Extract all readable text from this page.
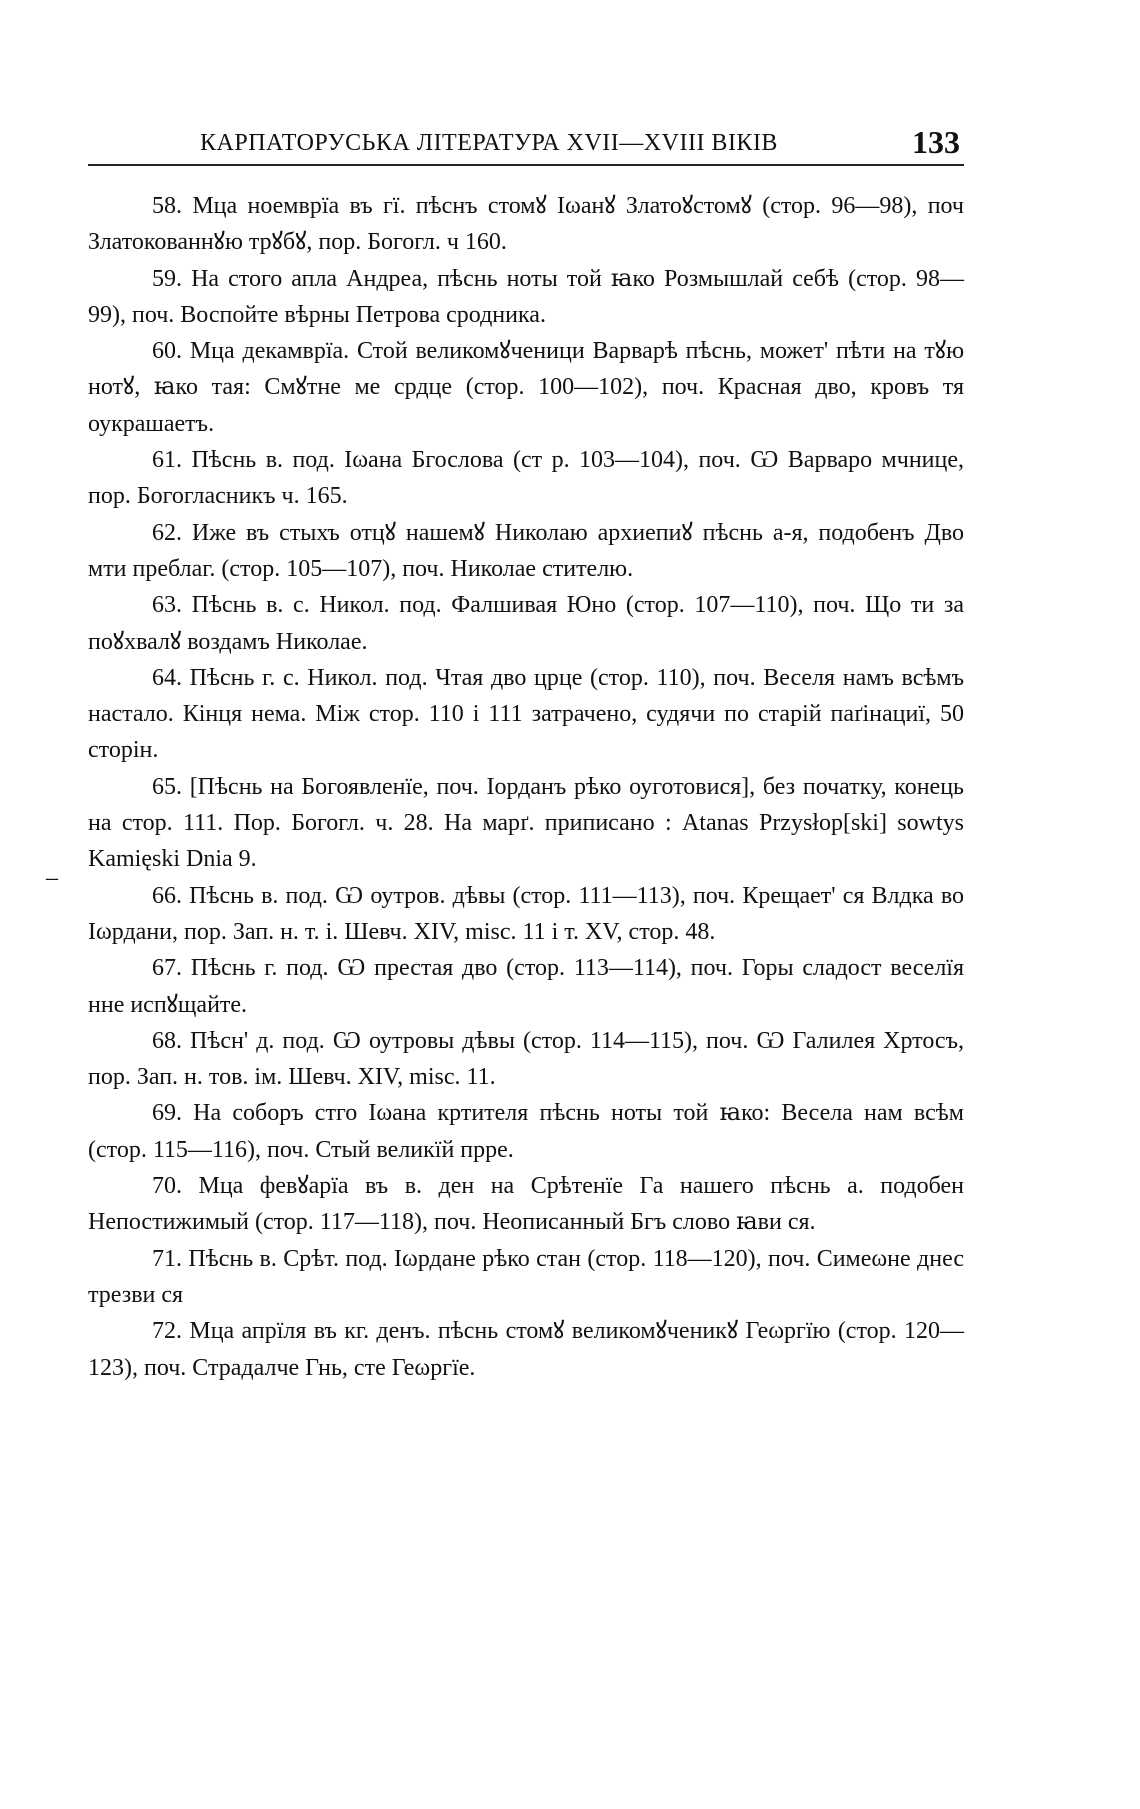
КАРПАТОРУСЬКА ЛІТЕРАТУРА XVII—XVIII ВІКІВ	133

58. Мца ноемврїа въ гї. пѣснъ стомꙋ Іωанꙋ Златоꙋстомꙋ (стор. 96—98), поч Златокованнꙋю трꙋбꙋ, пор. Богогл. ч 160.

59. На стого апла Андреа, пѣснь ноты той ꙗко Розмышлай себѣ (стор. 98—99), поч. Воспойте вѣрны Петрова сродника.

60. Мца декамврїа. Стой великомꙋченици Варварѣ пѣснь, может' пѣти на тꙋю нотꙋ, ꙗко тая: Смꙋтне ме срдце (стор. 100—102), поч. Красная дво, кровъ тя оукрашаетъ.

61. Пѣснь в. под. Іωана Бгослова (ст р. 103—104), поч. Ѡ Варваро мчнице, пор. Богогласникъ ч. 165.

62. Иже въ стыхъ отцꙋ нашемꙋ Николаю архиепиꙋ пѣснь а-я, подобенъ Дво мти преблаг. (стор. 105—107), поч. Николае стителю.

63. Пѣснь в. с. Никол. под. Фалшивая Юно (стор. 107—110), поч. Що ти за поꙋхвалꙋ воздамъ Николае.

64. Пѣснь г. с. Никол. под. Чтая дво црце (стор. 110), поч. Веселя намъ всѣмъ настало. Кінця нема. Між стор. 110 і 111 затрачено, судячи по старій паґінациї, 50 сторін.

65. [Пѣснь на Богоявленїе, поч. Іорданъ рѣко оуготовися], без початку, конець на стор. 111. Пор. Богогл. ч. 28. На марґ. приписано : Atanas Przysłop[ski] sowtys Kamięski Dnia 9.

66. Пѣснь в. под. Ѡ оутров. дѣвы (стор. 111—113), поч. Крещает' ся Влдка во Іωрдани, пор. Зап. н. т. і. Шевч. XIV, misc. 11 і т. XV, стор. 48.

67. Пѣснь г. под. Ѡ престая дво (стор. 113—114), поч. Горы сладост веселїя нне испꙋщайте.

68. Пѣсн' д. под. Ѡ оутровы дѣвы (стор. 114—115), поч. Ѡ Галилея Хртосъ, пор. Зап. н. тов. ім. Шевч. XIV, misc. 11.

69. На соборъ стго Іωана кртителя пѣснь ноты той ꙗко: Весела нам всѣм (стор. 115—116), поч. Стый великїй прре.

70. Мца февꙋарїа въ в. ден на Срѣтенїе Га нашего пѣснь а. подобен Непостижимый (стор. 117—118), поч. Неописанный Бгъ слово ꙗви ся.

71. Пѣснь в. Срѣт. под. Іωрдане рѣко стан (стор. 118—120), поч. Симеωне днес трезви ся

72. Мца апрїля въ кг. денъ. пѣснь стомꙋ великомꙋченикꙋ Геωргїю (стор. 120—123), поч. Страдалче Гнь, сте Геωргїе.

–
